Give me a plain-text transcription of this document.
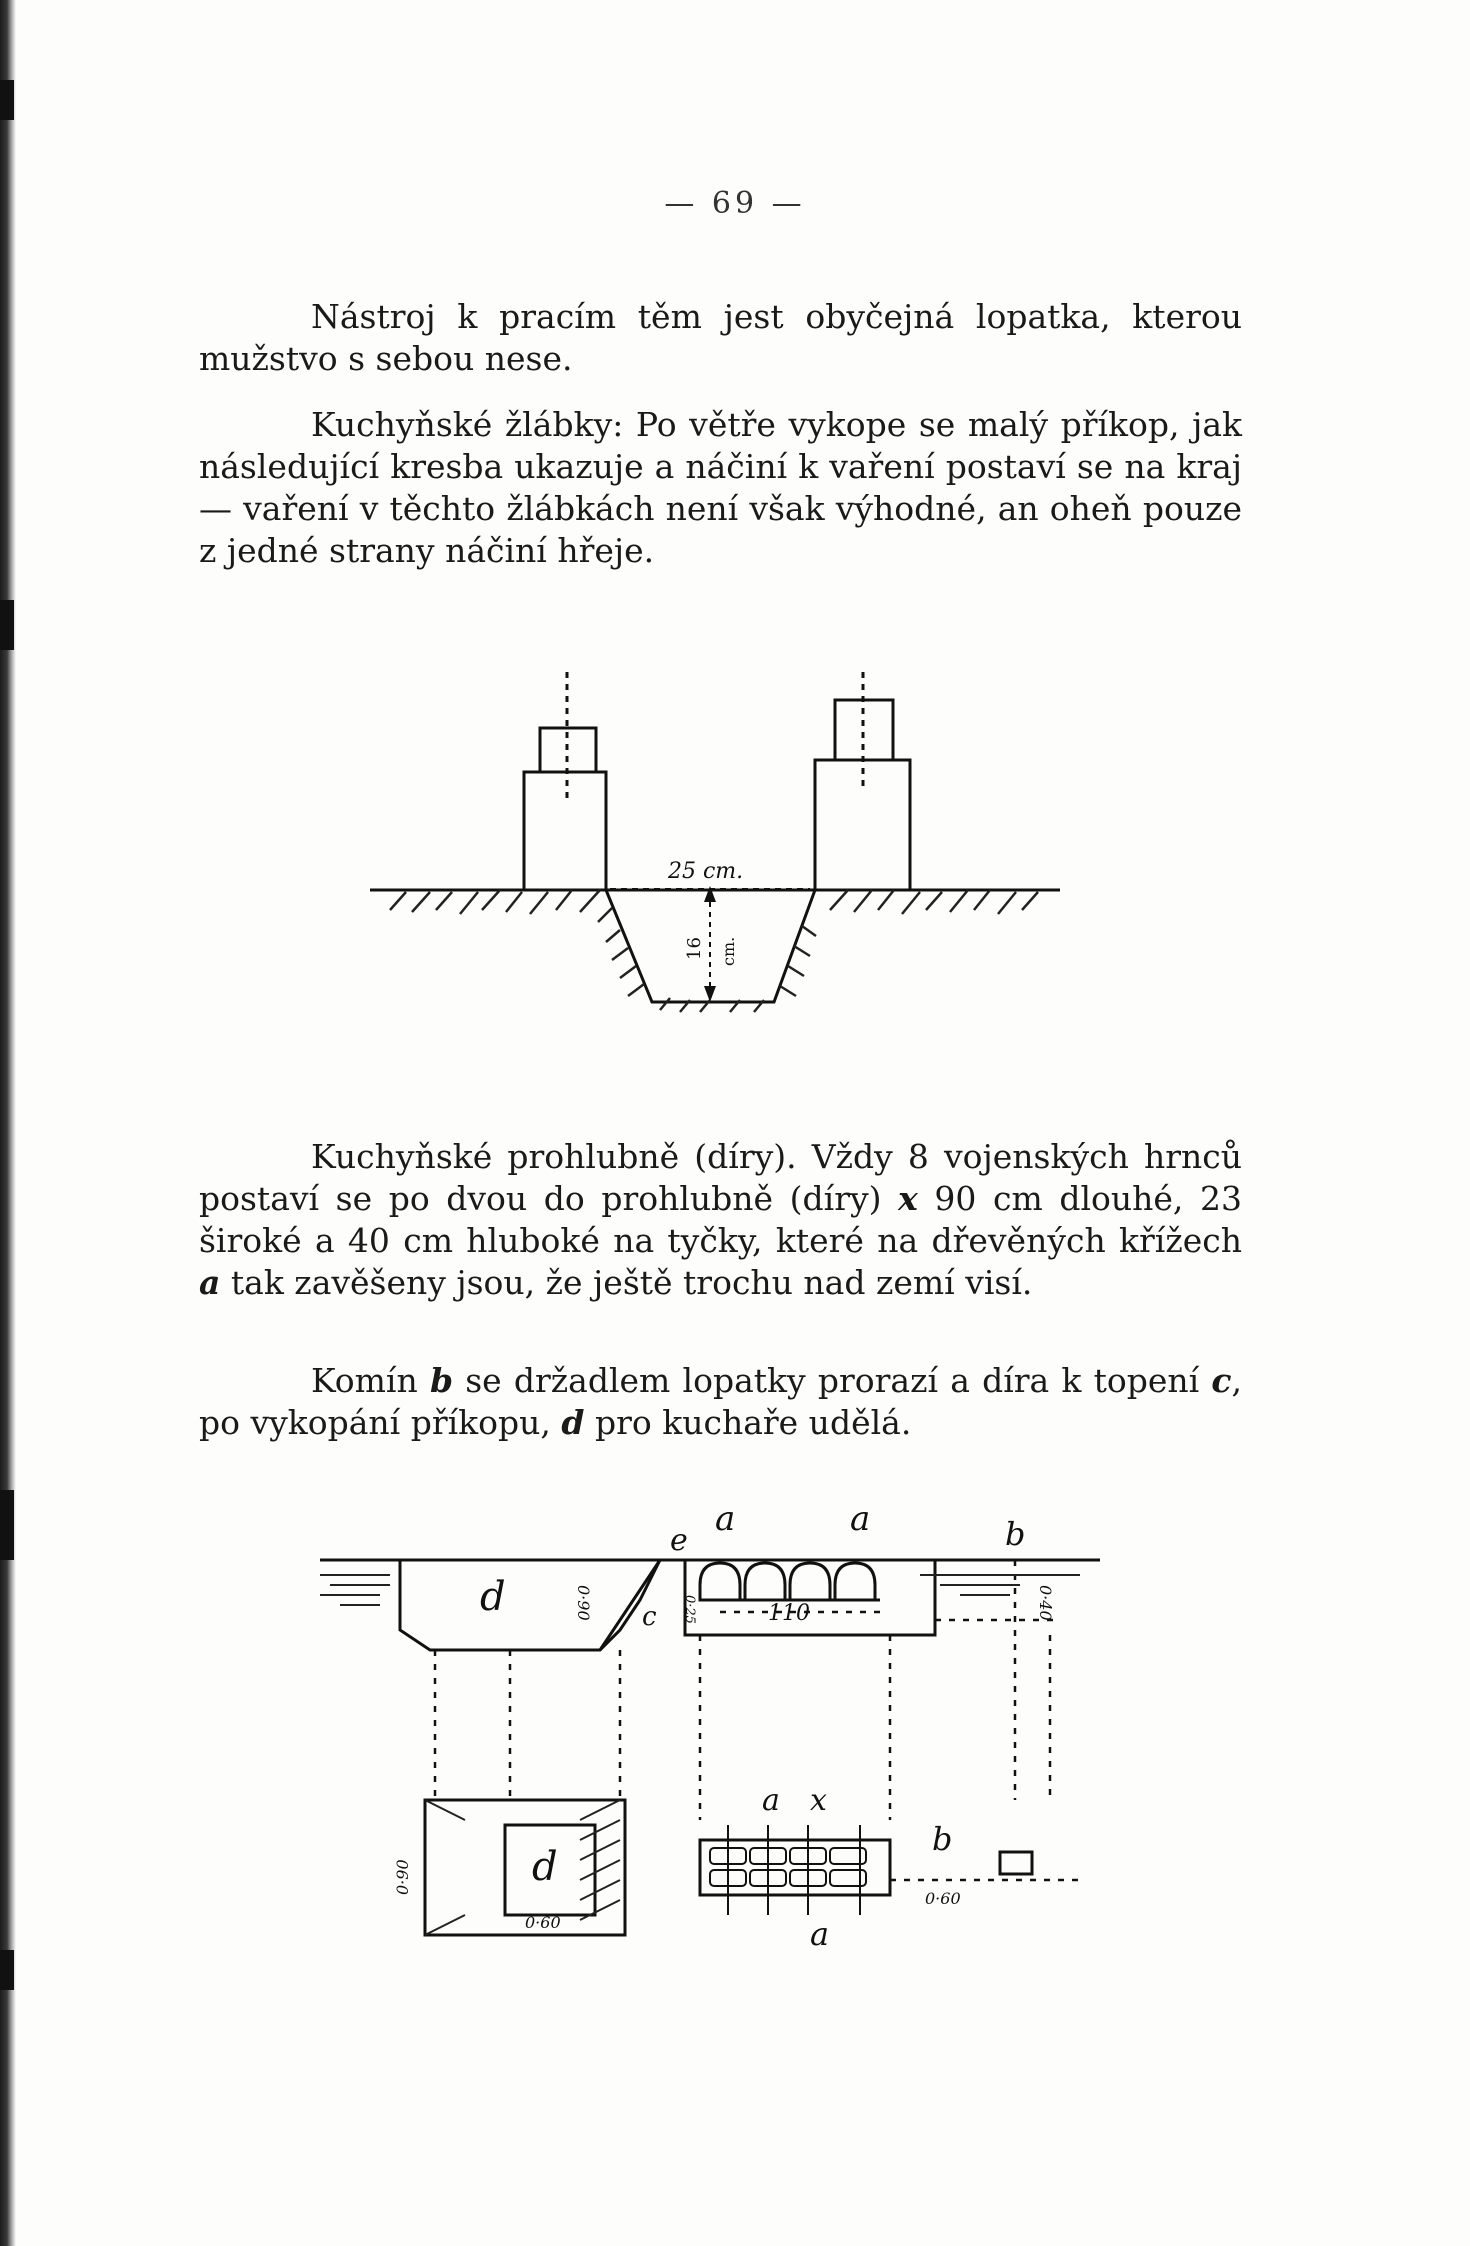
— 69 —

Nástroj k pracím těm jest obyčejná lopatka, kterou mužstvo s sebou nese.

Kuchyňské žlábky: Po větře vykope se malý příkop, jak následující kresba ukazuje a náčiní k vaření postaví se na kraj — vaření v těchto žlábkách není však výhodné, an oheň pouze z jedné strany náčiní hřeje.

25 cm.
16 cm.

Kuchyňské prohlubně (díry). Vždy 8 vojenských hrnců postaví se po dvou do prohlubně (díry) x 90 cm dlouhé, 23 široké a 40 cm hluboké na tyčky, které na dřevěných křížech a tak zavěšeny jsou, že ještě trochu nad zemí visí.

Komín b se držadlem lopatky prorazí a díra k topení c, po vykopání příkopu, d pro kuchaře udělá.

e
a	a	b
d	c	110
a x
b
a
d
0·60
0·60
0·90	0·25	0·40
0·90
